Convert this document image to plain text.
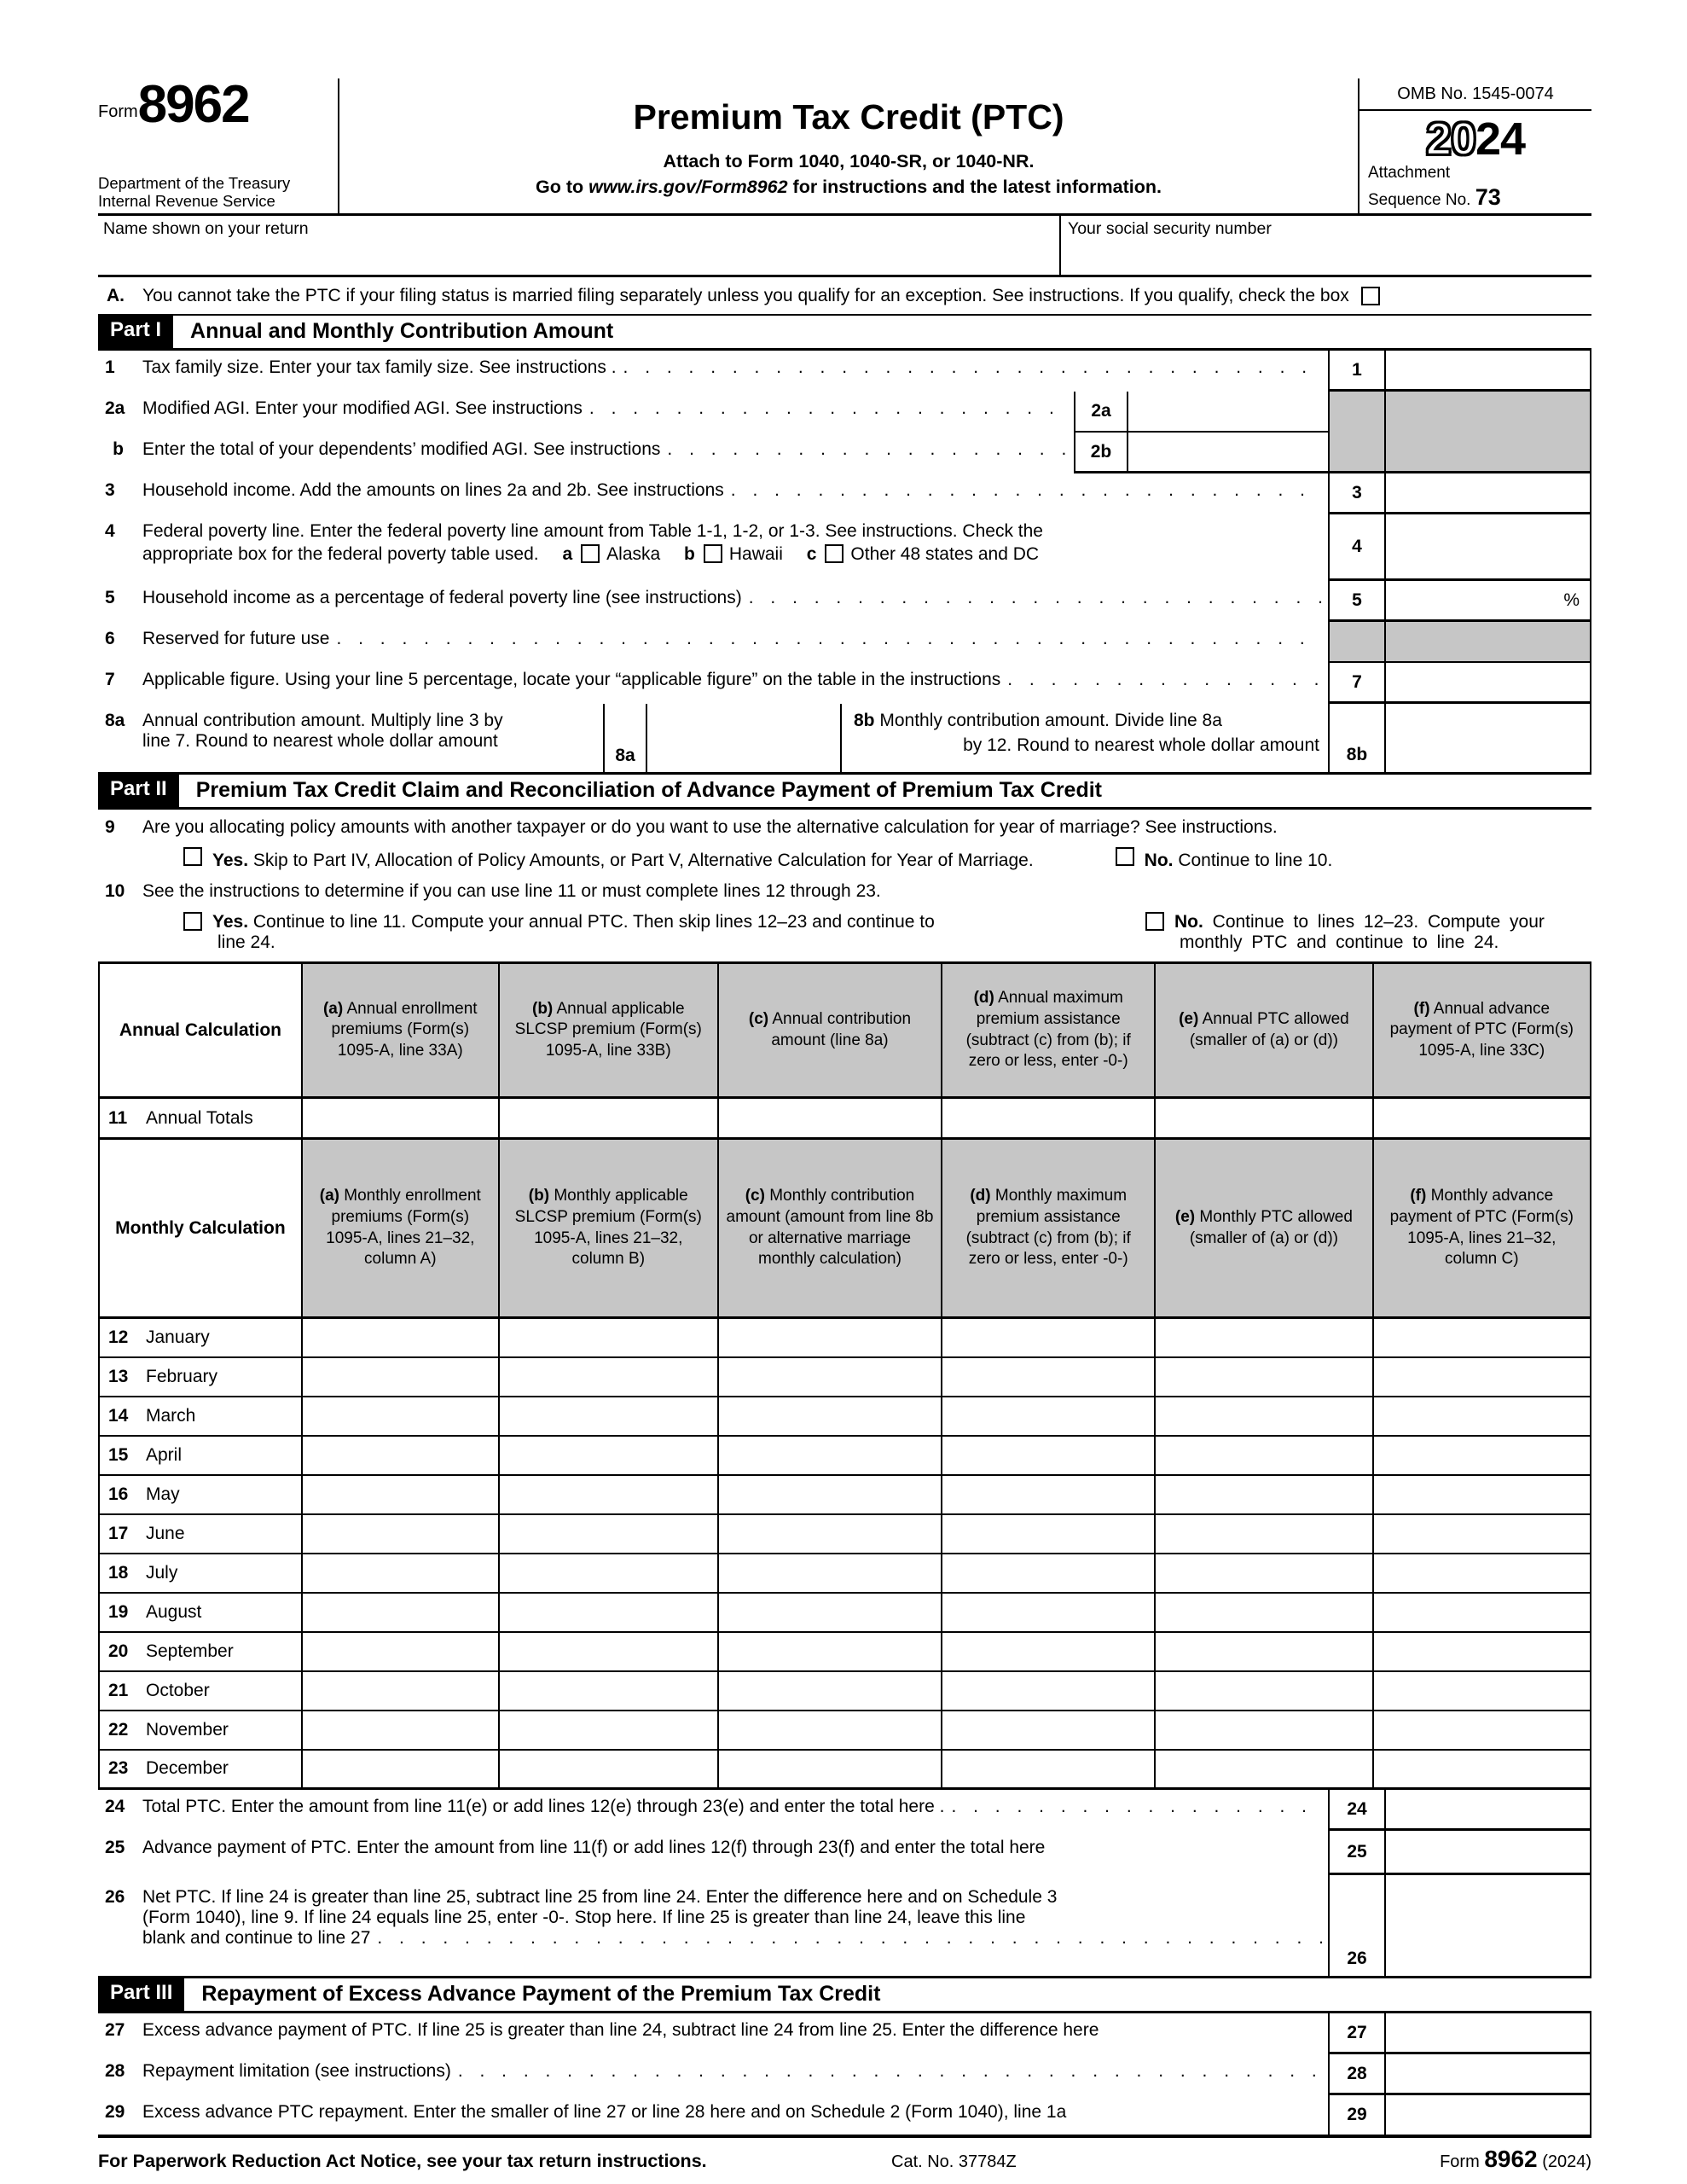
Form 8962
Department of the Treasury
Internal Revenue Service
Premium Tax Credit (PTC)
Attach to Form 1040, 1040-SR, or 1040-NR.
Go to www.irs.gov/Form8962 for instructions and the latest information.
OMB No. 1545-0074
2024
Attachment
Sequence No. 73
Name shown on your return	Your social security number
A.	You cannot take the PTC if your filing status is married filing separately unless you qualify for an exception. See instructions. If you qualify, check the box
Part I	Annual and Monthly Contribution Amount
1	Tax family size. Enter your tax family size. See instructions . . . .	1
2a Modified AGI. Enter your modified AGI. See instructions . . .	2a
b	Enter the total of your dependents’ modified AGI. See instructions . . .	2b
3	Household income. Add the amounts on lines 2a and 2b. See instructions . . .	3
4	Federal poverty line. Enter the federal poverty line amount from Table 1-1, 1-2, or 1-3. See instructions. Check the
appropriate box for the federal poverty table used. a Alaska b Hawaii c Other 48 states and DC	4
5	Household income as a percentage of federal poverty line (see instructions) . . .	5	%
6	Reserved for future use
. . .
7	Applicable figure. Using your line 5 percentage, locate your “applicable figure” on the table in the instructions . . .	7
8a Annual contribution amount. Multiply line 3 by
line 7. Round to nearest whole dollar amount
8a
8b Monthly contribution amount. Divide line 8a
by 12. Round to nearest whole dollar amount	8b
Part II	Premium Tax Credit Claim and Reconciliation of Advance Payment of Premium Tax Credit
9	Are you allocating policy amounts with another taxpayer or do you want to use the alternative calculation for year of marriage? See instructions.
Yes. Skip to Part IV, Allocation of Policy Amounts, or Part V, Alternative Calculation for Year of Marriage.	No. Continue to line 10.
10 See the instructions to determine if you can use line 11 or must complete lines 12 through 23.
Yes. Continue to line 11. Compute your annual PTC. Then skip lines 12–23 and continue to line 24.
No. Continue to lines 12–23. Compute your monthly PTC and continue to line 24.
Annual Calculation	(a) Annual enrollment premiums (Form(s) 1095-A, line 33A)	(b) Annual applicable SLCSP premium (Form(s) 1095-A, line 33B)	(c) Annual contribution amount (line 8a)	(d) Annual maximum premium assistance (subtract (c) from (b); if zero or less, enter -0-)	(e) Annual PTC allowed (smaller of (a) or (d))	(f) Annual advance payment of PTC (Form(s) 1095-A, line 33C)
11 Annual Totals						
Monthly Calculation	(a) Monthly enrollment premiums (Form(s) 1095-A, lines 21–32, column A)	(b) Monthly applicable SLCSP premium (Form(s) 1095-A, lines 21–32, column B)	(c) Monthly contribution amount (amount from line 8b or alternative marriage monthly calculation)	(d) Monthly maximum premium assistance (subtract (c) from (b); if zero or less, enter -0-)	(e) Monthly PTC allowed (smaller of (a) or (d))	(f) Monthly advance payment of PTC (Form(s) 1095-A, lines 21–32, column C)
12 January						
13 February						
14 March						
15 April						
16 May						
17 June						
18 July						
19 August						
20 September						
21 October						
22 November						
23 December						
24 Total PTC. Enter the amount from line 11(e) or add lines 12(e) through 23(e) and enter the total here . . . .	24
25 Advance payment of PTC. Enter the amount from line 11(f) or add lines 12(f) through 23(f) and enter the total here	25
26 Net PTC. If line 24 is greater than line 25, subtract line 25 from line 24. Enter the difference here and on Schedule 3
(Form 1040), line 9. If line 24 equals line 25, enter -0-. Stop here. If line 25 is greater than line 24, leave this line
blank and continue to line 27
. . .
26
Part III	Repayment of Excess Advance Payment of the Premium Tax Credit
27 Excess advance payment of PTC. If line 25 is greater than line 24, subtract line 24 from line 25. Enter the difference here	27
28 Repayment limitation (see instructions) . . .	28
29 Excess advance PTC repayment. Enter the smaller of line 27 or line 28 here and on Schedule 2 (Form 1040), line 1a	29
For Paperwork Reduction Act Notice, see your tax return instructions.	Cat. No. 37784Z	Form 8962 (2024)
